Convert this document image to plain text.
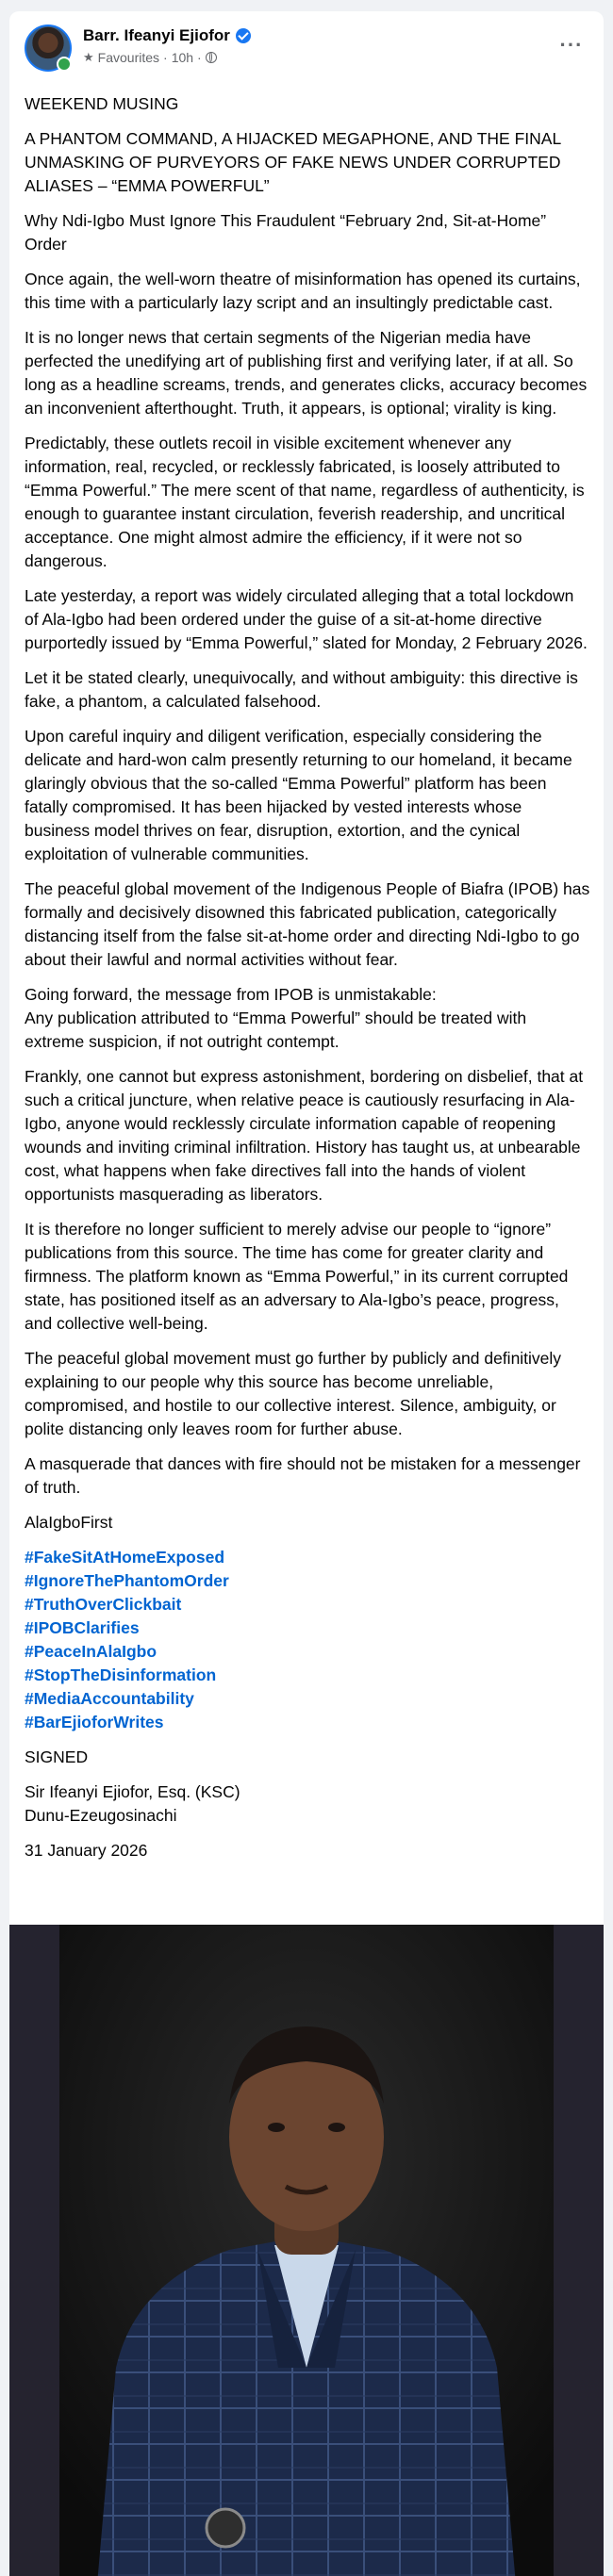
Barr. Ifeanyi Ejiofor
★ Favourites · 10h ·
···

WEEKEND MUSING

A PHANTOM COMMAND, A HIJACKED MEGAPHONE, AND THE FINAL UNMASKING OF PURVEYORS OF FAKE NEWS UNDER CORRUPTED ALIASES – “EMMA POWERFUL”

Why Ndi-Igbo Must Ignore This Fraudulent “February 2nd, Sit-at-Home” Order

Once again, the well-worn theatre of misinformation has opened its curtains, this time with a particularly lazy script and an insultingly predictable cast.

It is no longer news that certain segments of the Nigerian media have perfected the unedifying art of publishing first and verifying later, if at all. So long as a headline screams, trends, and generates clicks, accuracy becomes an inconvenient afterthought. Truth, it appears, is optional; virality is king.

Predictably, these outlets recoil in visible excitement whenever any information, real, recycled, or recklessly fabricated, is loosely attributed to “Emma Powerful.” The mere scent of that name, regardless of authenticity, is enough to guarantee instant circulation, feverish readership, and uncritical acceptance. One might almost admire the efficiency, if it were not so dangerous.

Late yesterday, a report was widely circulated alleging that a total lockdown of Ala-Igbo had been ordered under the guise of a sit-at-home directive purportedly issued by “Emma Powerful,” slated for Monday, 2 February 2026.

Let it be stated clearly, unequivocally, and without ambiguity: this directive is fake, a phantom, a calculated falsehood.

Upon careful inquiry and diligent verification, especially considering the delicate and hard-won calm presently returning to our homeland, it became glaringly obvious that the so-called “Emma Powerful” platform has been fatally compromised. It has been hijacked by vested interests whose business model thrives on fear, disruption, extortion, and the cynical exploitation of vulnerable communities.

The peaceful global movement of the Indigenous People of Biafra (IPOB) has formally and decisively disowned this fabricated publication, categorically distancing itself from the false sit-at-home order and directing Ndi-Igbo to go about their lawful and normal activities without fear.

Going forward, the message from IPOB is unmistakable:
Any publication attributed to “Emma Powerful” should be treated with extreme suspicion, if not outright contempt.

Frankly, one cannot but express astonishment, bordering on disbelief, that at such a critical juncture, when relative peace is cautiously resurfacing in Ala-Igbo, anyone would recklessly circulate information capable of reopening wounds and inviting criminal infiltration. History has taught us, at unbearable cost, what happens when fake directives fall into the hands of violent opportunists masquerading as liberators.

It is therefore no longer sufficient to merely advise our people to “ignore” publications from this source. The time has come for greater clarity and firmness. The platform known as “Emma Powerful,” in its current corrupted state, has positioned itself as an adversary to Ala-Igbo’s peace, progress, and collective well-being.

The peaceful global movement must go further by publicly and definitively explaining to our people why this source has become unreliable, compromised, and hostile to our collective interest. Silence, ambiguity, or polite distancing only leaves room for further abuse.

A masquerade that dances with fire should not be mistaken for a messenger of truth.

AlaIgboFirst

#FakeSitAtHomeExposed
#IgnoreThePhantomOrder
#TruthOverClickbait
#IPOBClarifies
#PeaceInAlaIgbo
#StopTheDisinformation
#MediaAccountability
#BarEjioforWrites

SIGNED

Sir Ifeanyi Ejiofor, Esq. (KSC)
Dunu-Ezeugosinachi

31 January 2026
